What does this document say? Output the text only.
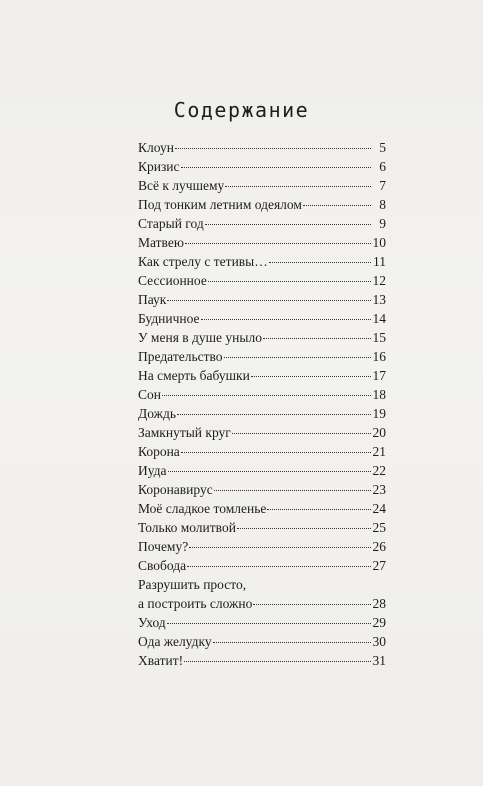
Содержание
Клоун	5
Кризис	6
Всё к лучшему	7
Под тонким летним одеялом	8
Старый год	9
Матвею	10
Как стрелу с тетивы…	11
Сессионное	12
Паук	13
Будничное	14
У меня в душе уныло	15
Предательство	16
На смерть бабушки	17
Сон	18
Дождь	19
Замкнутый круг	20
Корона	21
Иуда	22
Коронавирус	23
Моё сладкое томленье	24
Только молитвой	25
Почему?	26
Свобода	27
Разрушить просто,
а построить сложно	28
Уход	29
Ода желудку	30
Хватит!	31
